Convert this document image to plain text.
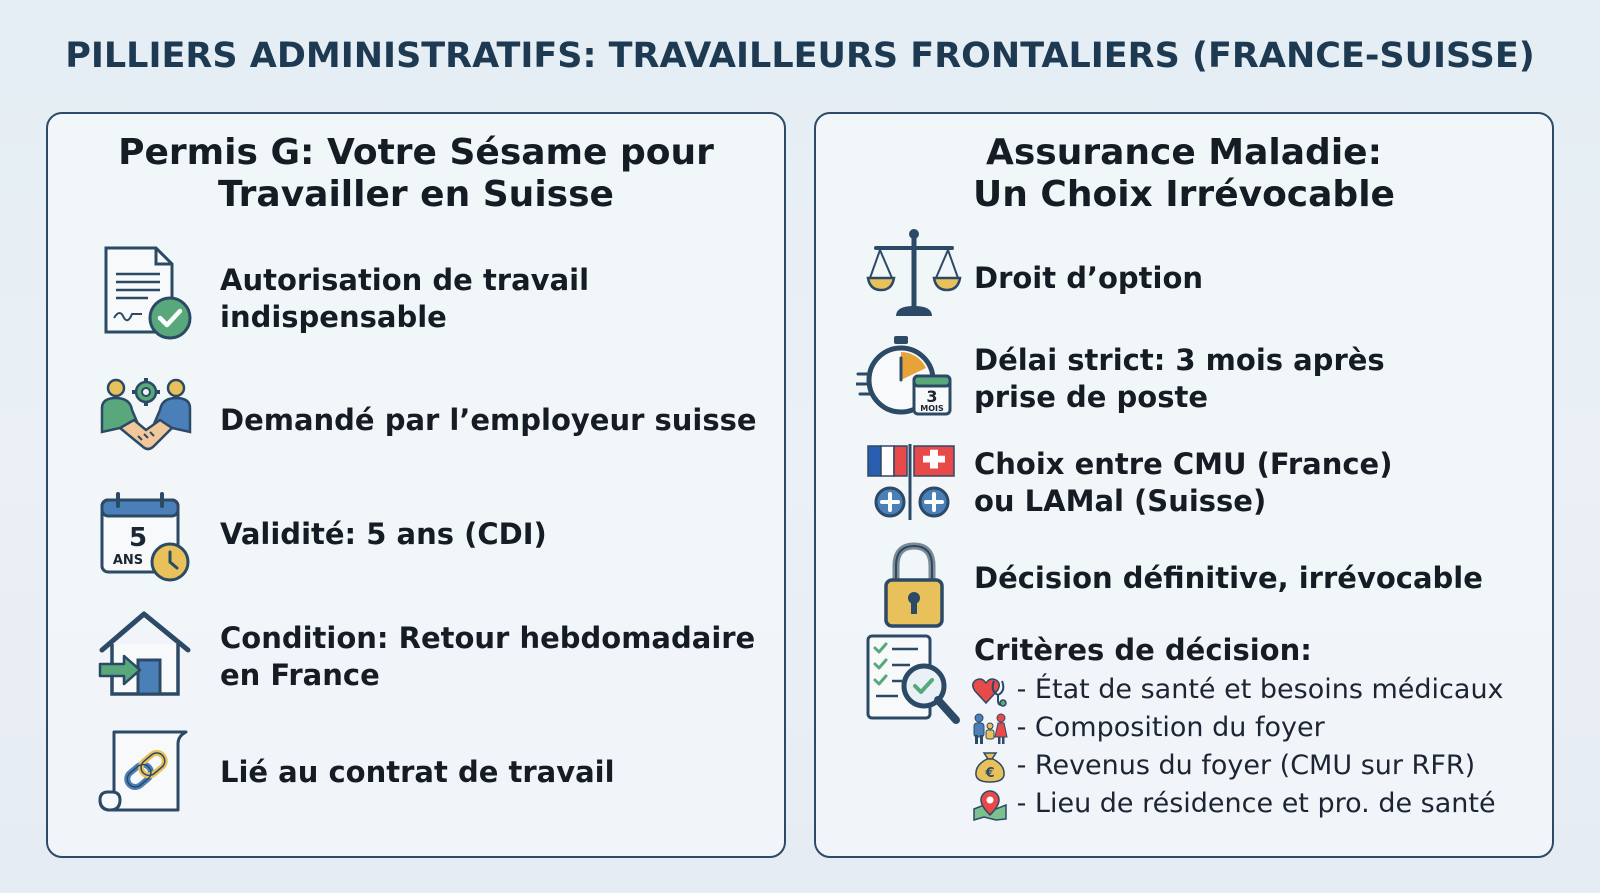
PILLIERS ADMINISTRATIFS: TRAVAILLEURS FRONTALIERS (FRANCE-SUISSE)
Permis G: Votre Sésame pour
Travailler en Suisse
Autorisation de travail
indispensable
Demandé par l’employeur suisse
5
ANS
Validité: 5 ans (CDI)
Condition: Retour hebdomadaire
en France
Lié au contrat de travail
Assurance Maladie:
Un Choix Irrévocable
Droit d’option
3
MOIS
Délai strict: 3 mois après
prise de poste
Choix entre CMU (France)
ou LAMal (Suisse)
Décision définitive, irrévocable
Critères de décision:
- État de santé et besoins médicaux
- Composition du foyer
€ - Revenus du foyer (CMU sur RFR)
- Lieu de résidence et pro. de santé
